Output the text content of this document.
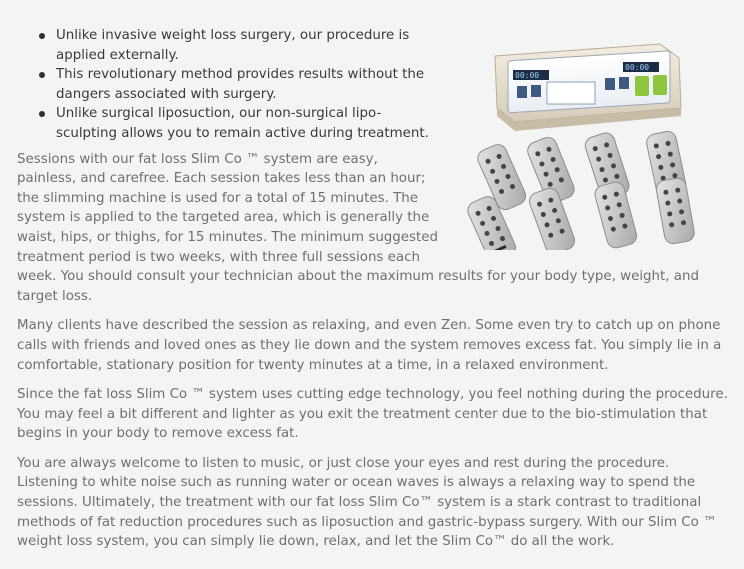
00:00
00:00
Unlike invasive weight loss surgery, our procedure is applied externally.
This revolutionary method provides results without the dangers associated with surgery.
Unlike surgical liposuction, our non-surgical lipo-sculpting allows you to remain active during treatment.

Sessions with our fat loss Slim Co ™ system are easy, painless, and carefree. Each session takes less than an hour; the slimming machine is used for a total of 15 minutes. The system is applied to the targeted area, which is generally the waist, hips, or thighs, for 15 minutes. The minimum suggested treatment period is two weeks, with three full sessions each week. You should consult your technician about the maximum results for your body type, weight, and target loss.

Many clients have described the session as relaxing, and even Zen. Some even try to catch up on phone calls with friends and loved ones as they lie down and the system removes excess fat. You simply lie in a comfortable, stationary position for twenty minutes at a time, in a relaxed environment.

Since the fat loss Slim Co ™ system uses cutting edge technology, you feel nothing during the procedure. You may feel a bit different and lighter as you exit the treatment center due to the bio-stimulation that begins in your body to remove excess fat.

You are always welcome to listen to music, or just close your eyes and rest during the procedure. Listening to white noise such as running water or ocean waves is always a relaxing way to spend the sessions. Ultimately, the treatment with our fat loss Slim Co™ system is a stark contrast to traditional methods of fat reduction procedures such as liposuction and gastric-bypass surgery. With our Slim Co ™ weight loss system, you can simply lie down, relax, and let the Slim Co™ do all the work.
